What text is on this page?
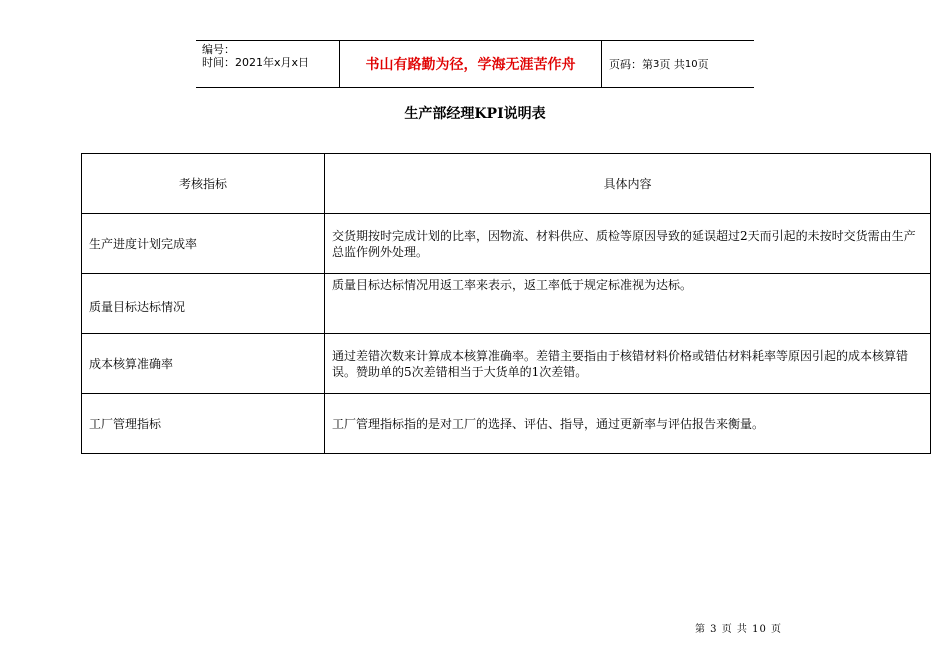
编号：
时间：2021年x月x日	书山有路勤为径，学海无涯苦作舟	页码：第 3 页 共 10 页
生产部经理KPI说明表
考核指标	具体内容
生产进度计划完成率	交货期按时完成计划的比率，因物流、材料供应、质检等原因导致的延误超过2天而引起的未按时交货需由生产总监作例外处理。
质量目标达标情况	质量目标达标情况用返工率来表示，返工率低于规定标准视为达标。

成本核算准确率	通过差错次数来计算成本核算准确率。差错主要指由于核错材料价格或错估材料耗率等原因引起的成本核算错误。赞助单的5次差错相当于大货单的1次差错。
工厂管理指标	工厂管理指标指的是对工厂的选择、评估、指导，通过更新率与评估报告来衡量。
第 3 页 共 10 页
